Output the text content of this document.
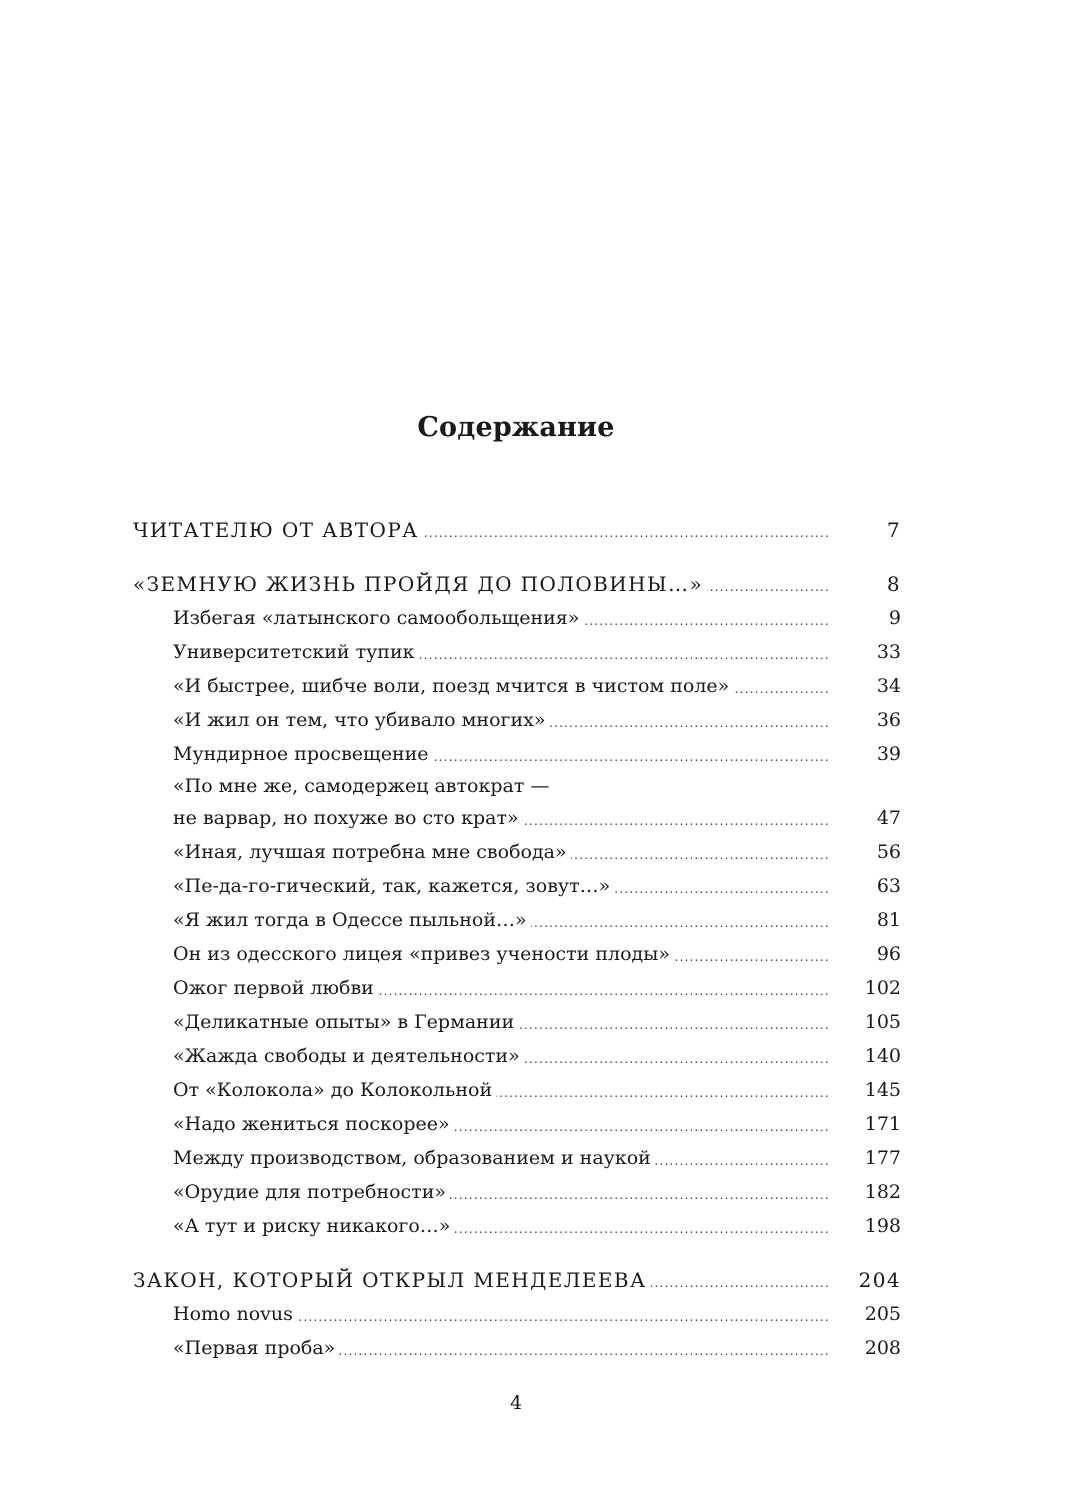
Содержание
ЧИТАТЕЛЮ ОТ АВТОРА .....	7
«ЗЕМНУЮ ЖИЗНЬ ПРОЙДЯ ДО ПОЛОВИНЫ…» .....	8
Избегая «латынского самообольщения» .....	9
Университетский тупик .....	33
«И быстрее, шибче воли, поезд мчится в чистом поле» .....	34
«И жил он тем, что убивало многих» .....	36
Мундирное просвещение .....	39
«По мне же, самодержец автократ —
не варвар, но похуже во сто крат» .....	47
«Иная, лучшая потребна мне свобода» .....	56
«Пе-да-го-гический, так, кажется, зовут…» .....	63
«Я жил тогда в Одессе пыльной…» .....	81
Он из одесского лицея «привез учености плоды» .....	96
Ожог первой любви .....	102
«Деликатные опыты» в Германии .....	105
«Жажда свободы и деятельности» .....	140
От «Колокола» до Колокольной .....	145
«Надо жениться поскорее» .....	171
Между производством, образованием и наукой .....	177
«Орудие для потребности» .....	182
«А тут и риску никакого…» .....	198
ЗАКОН, КОТОРЫЙ ОТКРЫЛ МЕНДЕЛЕЕВА .....	204
Homo novus .....	205
«Первая проба» .....	208
4
